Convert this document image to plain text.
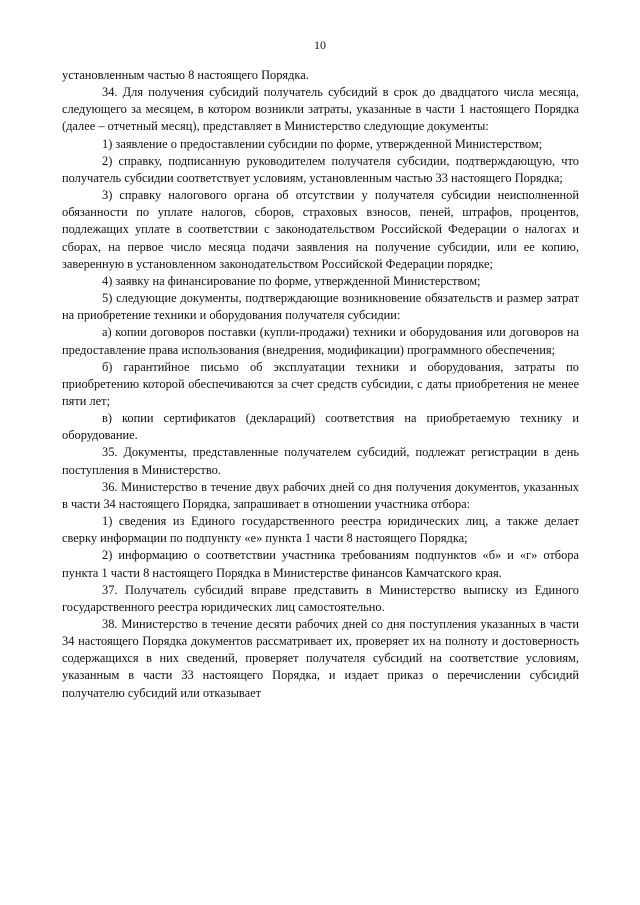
10

установленным частью 8 настоящего Порядка.

34. Для получения субсидий получатель субсидий в срок до двадцатого числа месяца, следующего за месяцем, в котором возникли затраты, указанные в части 1 настоящего Порядка (далее – отчетный месяц), представляет в Министерство следующие документы:

1) заявление о предоставлении субсидии по форме, утвержденной Министерством;

2) справку, подписанную руководителем получателя субсидии, подтверждающую, что получатель субсидии соответствует условиям, установленным частью 33 настоящего Порядка;

3) справку налогового органа об отсутствии у получателя субсидии неисполненной обязанности по уплате налогов, сборов, страховых взносов, пеней, штрафов, процентов, подлежащих уплате в соответствии с законодательством Российской Федерации о налогах и сборах, на первое число месяца подачи заявления на получение субсидии, или ее копию, заверенную в установленном законодательством Российской Федерации порядке;

4) заявку на финансирование по форме, утвержденной Министерством;

5) следующие документы, подтверждающие возникновение обязательств и размер затрат на приобретение техники и оборудования получателя субсидии:

а) копии договоров поставки (купли-продажи) техники и оборудования или договоров на предоставление права использования (внедрения, модификации) программного обеспечения;

б) гарантийное письмо об эксплуатации техники и оборудования, затраты по приобретению которой обеспечиваются за счет средств субсидии, с даты приобретения не менее пяти лет;

в) копии сертификатов (деклараций) соответствия на приобретаемую технику и оборудование.

35. Документы, представленные получателем субсидий, подлежат регистрации в день поступления в Министерство.

36. Министерство в течение двух рабочих дней со дня получения документов, указанных в части 34 настоящего Порядка, запрашивает в отношении участника отбора:

1) сведения из Единого государственного реестра юридических лиц, а также делает сверку информации по подпункту «е» пункта 1 части 8 настоящего Порядка;

2) информацию о соответствии участника требованиям подпунктов «б» и «г» отбора пункта 1 части 8 настоящего Порядка в Министерстве финансов Камчатского края.

37. Получатель субсидий вправе представить в Министерство выписку из Единого государственного реестра юридических лиц самостоятельно.

38. Министерство в течение десяти рабочих дней со дня поступления указанных в части 34 настоящего Порядка документов рассматривает их, проверяет их на полноту и достоверность содержащихся в них сведений, проверяет получателя субсидий на соответствие условиям, указанным в части 33 настоящего Порядка, и издает приказ о перечислении субсидий получателю субсидий или отказывает
